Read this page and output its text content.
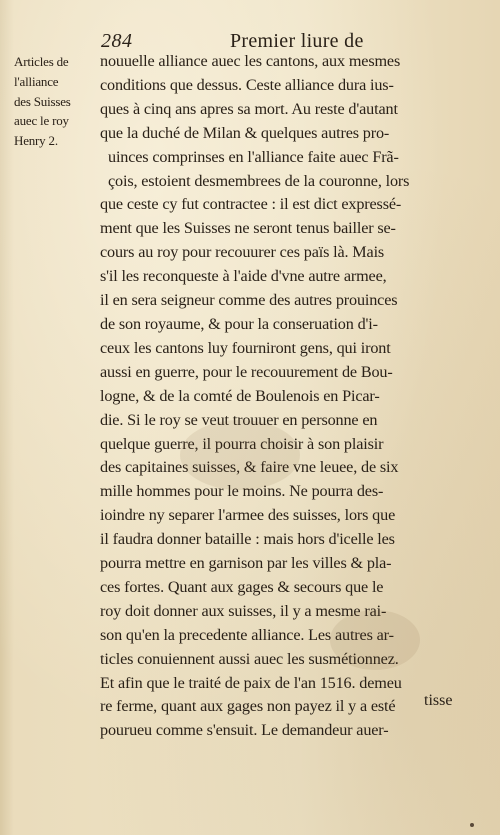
284	Premier liure de
Articles de
l'alliance
des Suisses
auec le roy
Henry 2.
nouuelle alliance auec les cantons, aux mesmes
conditions que dessus. Ceste alliance dura ius-
ques à cinq ans apres sa mort. Au reste d'autant
que la duché de Milan & quelques autres pro-
uinces comprinses en l'alliance faite auec Frã-
çois, estoient desmembrees de la couronne, lors
que ceste cy fut contractee : il est dict expressé-
ment que les Suisses ne seront tenus bailler se-
cours au roy pour recouurer ces païs là. Mais
s'il les reconqueste à l'aide d'vne autre armee,
il en sera seigneur comme des autres prouinces
de son royaume, & pour la conseruation d'i-
ceux les cantons luy fourniront gens, qui iront
aussi en guerre, pour le recouurement de Bou-
logne, & de la comté de Boulenois en Picar-
die. Si le roy se veut trouuer en personne en
quelque guerre, il pourra choisir à son plaisir
des capitaines suisses, & faire vne leuee, de six
mille hommes pour le moins. Ne pourra des-
ioindre ny separer l'armee des suisses, lors que
il faudra donner bataille : mais hors d'icelle les
pourra mettre en garnison par les villes & pla-
ces fortes. Quant aux gages & secours que le
roy doit donner aux suisses, il y a mesme rai-
son qu'en la precedente alliance. Les autres ar-
ticles conuiennent aussi auec les susmétionnez.
Et afin que le traité de paix de l'an 1516. demeu
re ferme, quant aux gages non payez il y a esté
pourueu comme s'ensuit. Le demandeur auer-
tisse
